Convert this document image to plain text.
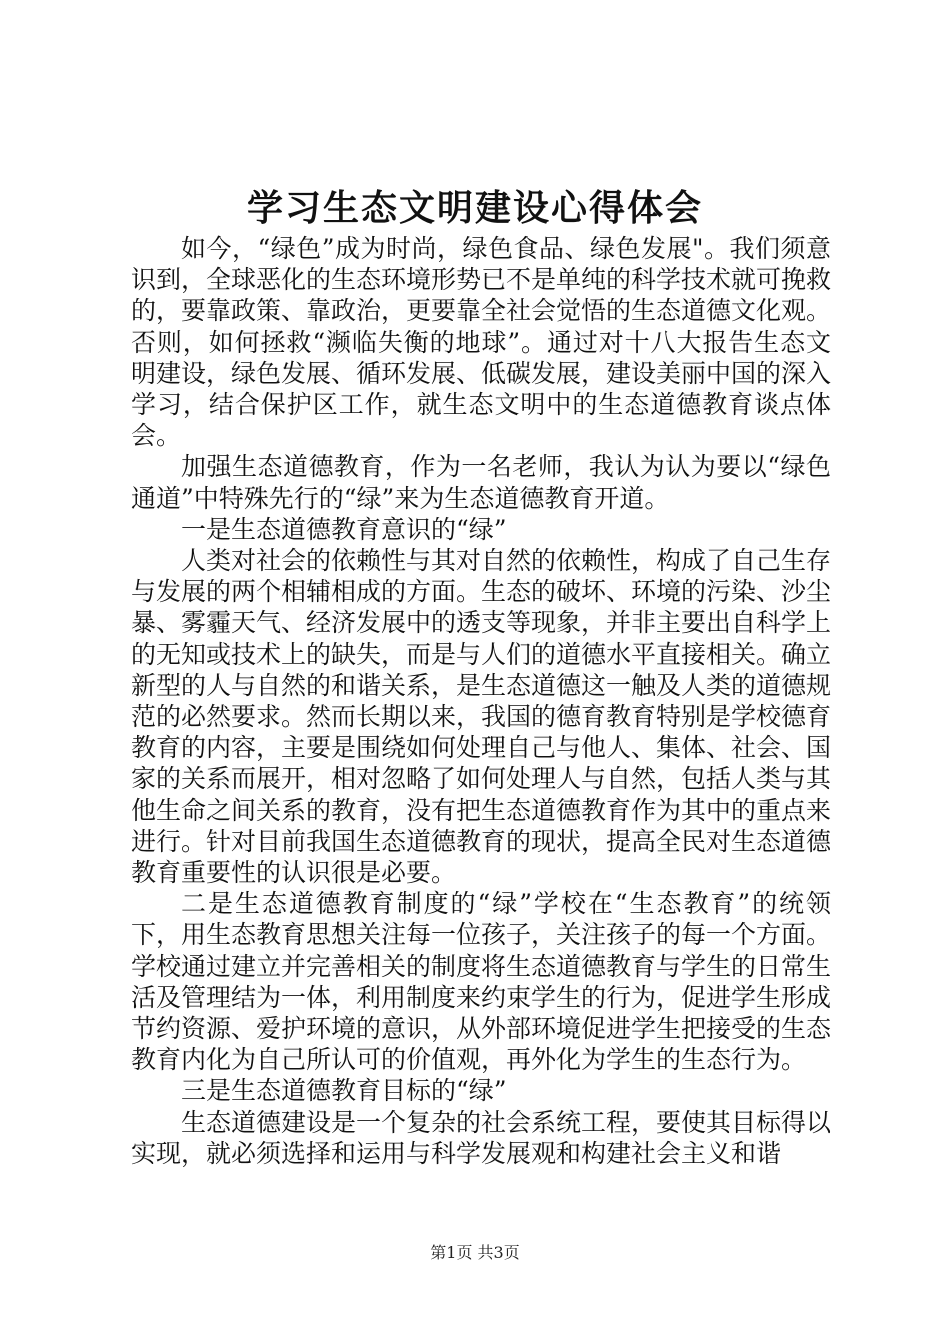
学习生态文明建设心得体会

如今，“绿色”成为时尚，绿色食品、绿色发展"。我们须意识到，全球恶化的生态环境形势已不是单纯的科学技术就可挽救的，要靠政策、靠政治，更要靠全社会觉悟的生态道德文化观。否则，如何拯救“濒临失衡的地球”。通过对十八大报告生态文明建设，绿色发展、循环发展、低碳发展，建设美丽中国的深入学习，结合保护区工作，就生态文明中的生态道德教育谈点体会。

加强生态道德教育，作为一名老师，我认为认为要以“绿色通道”中特殊先行的“绿”来为生态道德教育开道。

一是生态道德教育意识的“绿”

人类对社会的依赖性与其对自然的依赖性，构成了自己生存与发展的两个相辅相成的方面。生态的破坏、环境的污染、沙尘暴、雾霾天气、经济发展中的透支等现象，并非主要出自科学上的无知或技术上的缺失，而是与人们的道德水平直接相关。确立新型的人与自然的和谐关系，是生态道德这一触及人类的道德规范的必然要求。然而长期以来，我国的德育教育特别是学校德育教育的内容，主要是围绕如何处理自己与他人、集体、社会、国家的关系而展开，相对忽略了如何处理人与自然，包括人类与其他生命之间关系的教育，没有把生态道德教育作为其中的重点来进行。针对目前我国生态道德教育的现状，提高全民对生态道德教育重要性的认识很是必要。

二是生态道德教育制度的“绿”学校在“生态教育”的统领下，用生态教育思想关注每一位孩子，关注孩子的每一个方面。学校通过建立并完善相关的制度将生态道德教育与学生的日常生活及管理结为一体，利用制度来约束学生的行为，促进学生形成节约资源、爱护环境的意识，从外部环境促进学生把接受的生态教育内化为自己所认可的价值观，再外化为学生的生态行为。

三是生态道德教育目标的“绿”

生态道德建设是一个复杂的社会系统工程，要使其目标得以实现，就必须选择和运用与科学发展观和构建社会主义和谐

第1页 共3页
